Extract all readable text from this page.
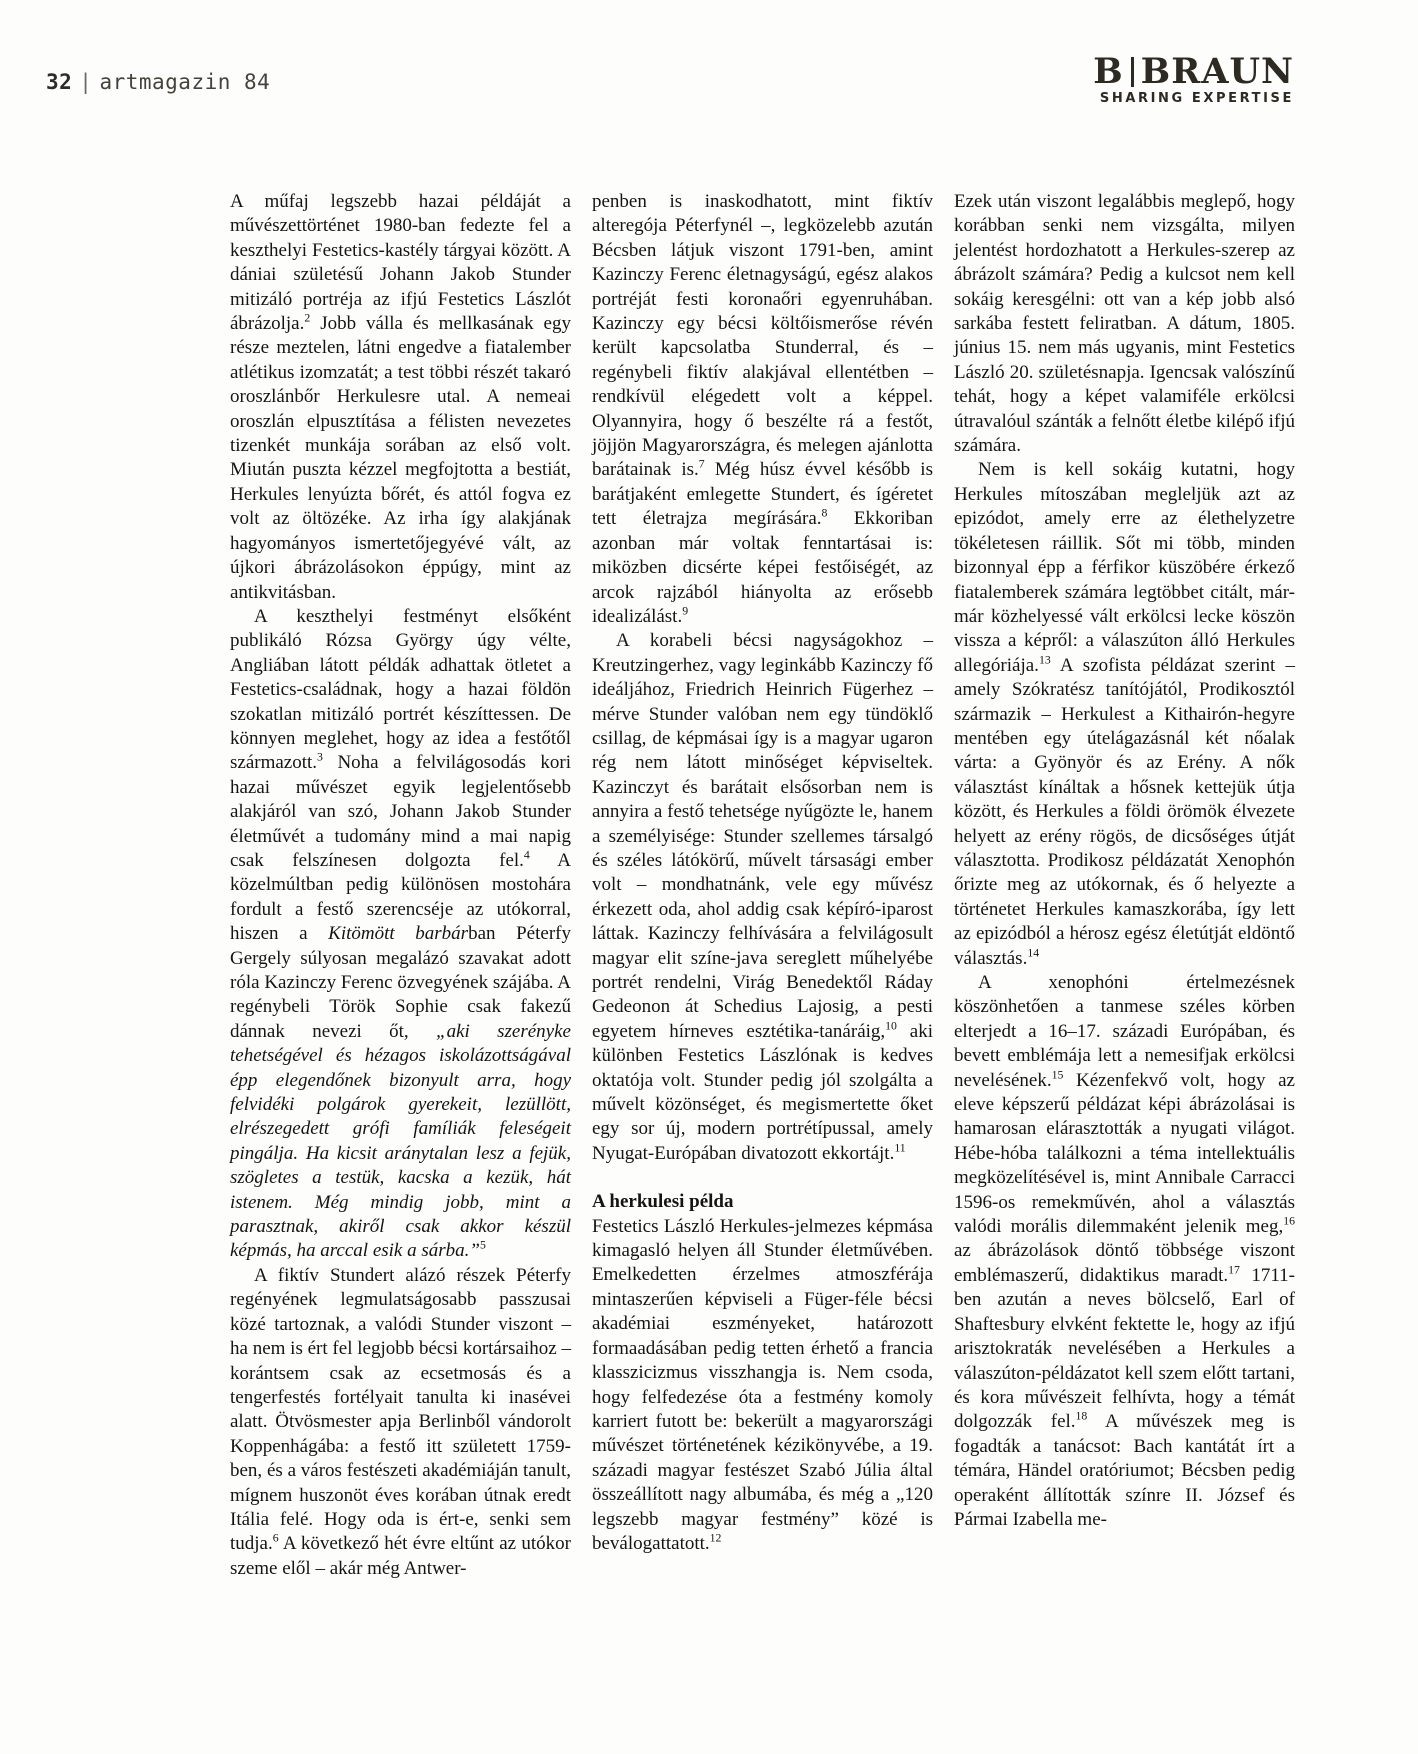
32 | artmagazin 84	B BRAUN
SHARING EXPERTISE

A műfaj legszebb hazai példáját a művészettörténet 1980-ban fedezte fel a keszthelyi Festetics-kastély tárgyai között. A dániai születésű Johann Jakob Stunder mitizáló portréja az ifjú Festetics Lászlót ábrázolja.$^2$ Jobb válla és mellkasának egy része meztelen, látni engedve a fiatalember atlétikus izomzatát; a test többi részét takaró oroszlánbőr Herkulesre utal. A nemeai oroszlán elpusztítása a félisten nevezetes tizenkét munkája sorában az első volt. Miután puszta kézzel megfojtotta a bestiát, Herkules lenyúzta bőrét, és attól fogva ez volt az öltözéke. Az irha így alakjának hagyományos ismertetőjegyévé vált, az újkori ábrázolásokon éppúgy, mint az antikvitásban.

A keszthelyi festményt elsőként publikáló Rózsa György úgy vélte, Angliában látott példák adhattak ötletet a Festetics-családnak, hogy a hazai földön szokatlan mitizáló portrét készíttessen. De könnyen meglehet, hogy az idea a festőtől származott.$^3$ Noha a felvilágosodás kori hazai művészet egyik legjelentősebb alakjáról van szó, Johann Jakob Stunder életművét a tudomány mind a mai napig csak felszínesen dolgozta fel.$^4$ A közelmúltban pedig különösen mostohára fordult a festő szerencséje az utókorral, hiszen a Kitömött barbárban Péterfy Gergely súlyosan megalázó szavakat adott róla Kazinczy Ferenc özvegyének szájába. A regénybeli Török Sophie csak fakezű dánnak nevezi őt, „aki szerényke tehetségével és hézagos iskolázottságával épp elegendőnek bizonyult arra, hogy felvidéki polgárok gyerekeit, lezüllött, elrészegedett grófi famíliák feleségeit pingálja. Ha kicsit aránytalan lesz a fejük, szögletes a testük, kacska a kezük, hát istenem. Még mindig jobb, mint a parasztnak, akiről csak akkor készül képmás, ha arccal esik a sárba.”$^5$

A fiktív Stundert alázó részek Péterfy regényének legmulatságosabb passzusai közé tartoznak, a valódi Stunder viszont – ha nem is ért fel legjobb bécsi kortársaihoz – korántsem csak az ecsetmosás és a tengerfestés fortélyait tanulta ki inasévei alatt. Ötvösmester apja Berlinből vándorolt Koppenhágába: a festő itt született 1759-ben, és a város festészeti akadémiáján tanult, mígnem huszonöt éves korában útnak eredt Itália felé. Hogy oda is ért-e, senki sem tudja.$^6$ A következő hét évre eltűnt az utókor szeme elől – akár még Antwer-

penben is inaskodhatott, mint fiktív alteregója Péterfynél –, legközelebb azután Bécsben látjuk viszont 1791-ben, amint Kazinczy Ferenc életnagyságú, egész alakos portréját festi koronaőri egyenruhában. Kazinczy egy bécsi költőismerőse révén került kapcsolatba Stunderral, és – regénybeli fiktív alakjával ellentétben – rendkívül elégedett volt a képpel. Olyannyira, hogy ő beszélte rá a festőt, jöjjön Magyarországra, és melegen ajánlotta barátainak is.$^7$ Még húsz évvel később is barátjaként emlegette Stundert, és ígéretet tett életrajza megírására.$^8$ Ekkoriban azonban már voltak fenntartásai is: miközben dicsérte képei festőiségét, az arcok rajzából hiányolta az erősebb idealizálást.$^9$

A korabeli bécsi nagyságokhoz – Kreutzingerhez, vagy leginkább Kazinczy fő ideáljához, Friedrich Heinrich Fügerhez – mérve Stunder valóban nem egy tündöklő csillag, de képmásai így is a magyar ugaron rég nem látott minőséget képviseltek. Kazinczyt és barátait elsősorban nem is annyira a festő tehetsége nyűgözte le, hanem a személyisége: Stunder szellemes társalgó és széles látókörű, művelt társasági ember volt – mondhatnánk, vele egy művész érkezett oda, ahol addig csak képíró-iparost láttak. Kazinczy felhívására a felvilágosult magyar elit színe-java sereglett műhelyébe portrét rendelni, Virág Benedektől Ráday Gedeonon át Schedius Lajosig, a pesti egyetem hírneves esztétika-tanáráig,$^{10}$ aki különben Festetics Lászlónak is kedves oktatója volt. Stunder pedig jól szolgálta a művelt közönséget, és megismertette őket egy sor új, modern portrétípussal, amely Nyugat-Európában divatozott ekkortájt.$^{11}$

A herkulesi példa

Festetics László Herkules-jelmezes képmása kimagasló helyen áll Stunder életművében. Emelkedetten érzelmes atmoszférája mintaszerűen képviseli a Füger-féle bécsi akadémiai eszményeket, határozott formaadásában pedig tetten érhető a francia klasszicizmus visszhangja is. Nem csoda, hogy felfedezése óta a festmény komoly karriert futott be: bekerült a magyarországi művészet történetének kézikönyvébe, a 19. századi magyar festészet Szabó Júlia által összeállított nagy albumába, és még a „120 legszebb magyar festmény” közé is beválogattatott.$^{12}$

Ezek után viszont legalábbis meglepő, hogy korábban senki nem vizsgálta, milyen jelentést hordozhatott a Herkules-szerep az ábrázolt számára? Pedig a kulcsot nem kell sokáig keresgélni: ott van a kép jobb alsó sarkába festett feliratban. A dátum, 1805. június 15. nem más ugyanis, mint Festetics László 20. születésnapja. Igencsak valószínű tehát, hogy a képet valamiféle erkölcsi útravalóul szánták a felnőtt életbe kilépő ifjú számára.

Nem is kell sokáig kutatni, hogy Herkules mítoszában megleljük azt az epizódot, amely erre az élethelyzetre tökéletesen ráillik. Sőt mi több, minden bizonnyal épp a férfikor küszöbére érkező fiatalemberek számára legtöbbet citált, már-már közhelyessé vált erkölcsi lecke köszön vissza a képről: a válaszúton álló Herkules allegóriája.$^{13}$ A szofista példázat szerint – amely Szókratész tanítójától, Prodikosztól származik – Herkulest a Kithairón-hegyre mentében egy útelágazásnál két nőalak várta: a Gyönyör és az Erény. A nők választást kínáltak a hősnek kettejük útja között, és Herkules a földi örömök élvezete helyett az erény rögös, de dicsőséges útját választotta. Prodikosz példázatát Xenophón őrizte meg az utókornak, és ő helyezte a történetet Herkules kamaszkorába, így lett az epizódból a hérosz egész életútját eldöntő választás.$^{14}$

A xenophóni értelmezésnek köszönhetően a tanmese széles körben elterjedt a 16–17. századi Európában, és bevett emblémája lett a nemesifjak erkölcsi nevelésének.$^{15}$ Kézenfekvő volt, hogy az eleve képszerű példázat képi ábrázolásai is hamarosan elárasztották a nyugati világot. Hébe-hóba találkozni a téma intellektuális megközelítésével is, mint Annibale Carracci 1596-os remekművén, ahol a választás valódi morális dilemmaként jelenik meg,$^{16}$ az ábrázolások döntő többsége viszont emblémaszerű, didaktikus maradt.$^{17}$ 1711-ben azután a neves bölcselő, Earl of Shaftesbury elvként fektette le, hogy az ifjú arisztokraták nevelésében a Herkules a válaszúton-példázatot kell szem előtt tartani, és kora művészeit felhívta, hogy a témát dolgozzák fel.$^{18}$ A művészek meg is fogadták a tanácsot: Bach kantátát írt a témára, Händel oratóriumot; Bécsben pedig operaként állították színre II. József és Pármai Izabella me-
